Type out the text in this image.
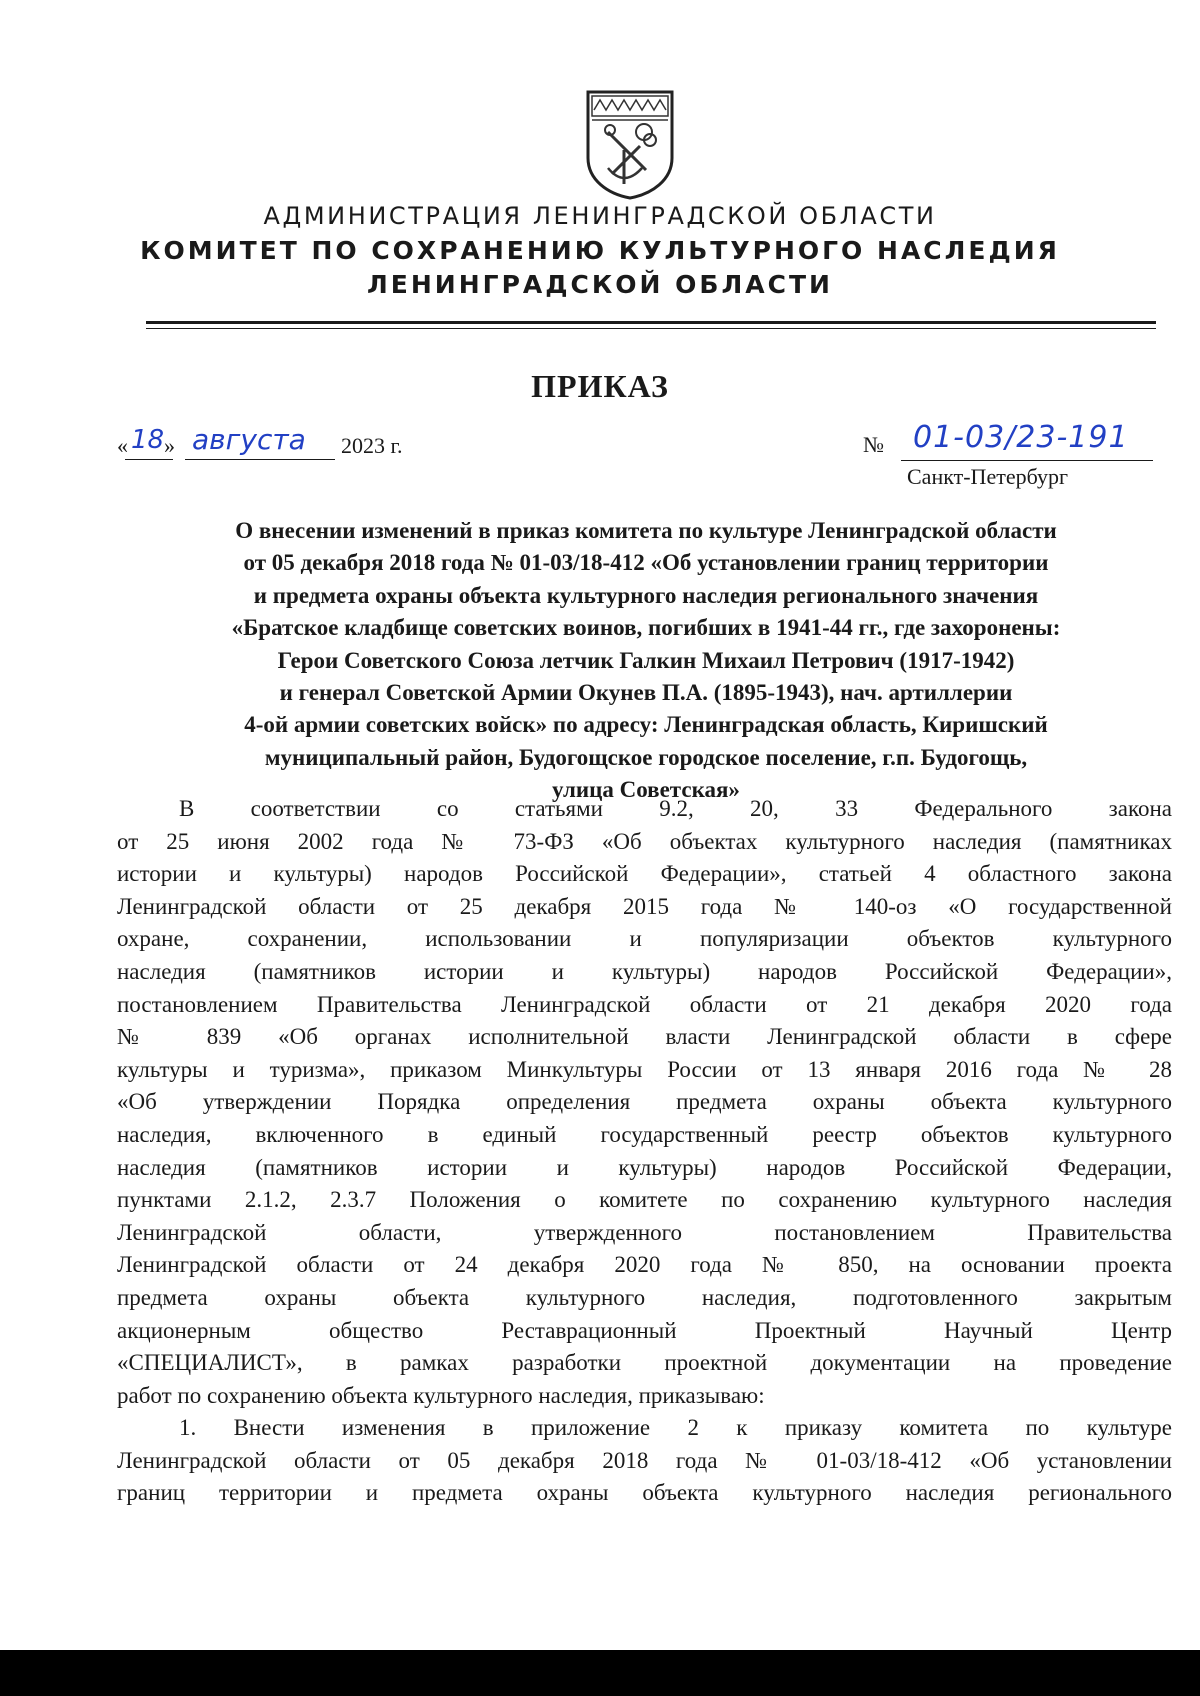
АДМИНИСТРАЦИЯ ЛЕНИНГРАДСКОЙ ОБЛАСТИ
КОМИТЕТ ПО СОХРАНЕНИЮ КУЛЬТУРНОГО НАСЛЕДИЯ
ЛЕНИНГРАДСКОЙ ОБЛАСТИ
ПРИКАЗ
« 18 » августа 2023 г.	№ 01-03/23-191
Санкт-Петербург
О внесении изменений в приказ комитета по культуре Ленинградской области
от 05 декабря 2018 года № 01-03/18-412 «Об установлении границ территории
и предмета охраны объекта культурного наследия регионального значения
«Братское кладбище советских воинов, погибших в 1941-44 гг., где захоронены:
Герои Советского Союза летчик Галкин Михаил Петрович (1917-1942)
и генерал Советской Армии Окунев П.А. (1895-1943), нач. артиллерии
4-ой армии советских войск» по адресу: Ленинградская область, Киришский
муниципальный район, Будогощское городское поселение, г.п. Будогощь,
улица Советская»
В соответствии со статьями 9.2, 20, 33 Федерального закона
от 25 июня 2002 года № 73-ФЗ «Об объектах культурного наследия (памятниках
истории и культуры) народов Российской Федерации», статьей 4 областного закона
Ленинградской области от 25 декабря 2015 года № 140-оз «О государственной
охране, сохранении, использовании и популяризации объектов культурного
наследия (памятников истории и культуры) народов Российской Федерации»,
постановлением Правительства Ленинградской области от 21 декабря 2020 года
№ 839 «Об органах исполнительной власти Ленинградской области в сфере
культуры и туризма», приказом Минкультуры России от 13 января 2016 года № 28
«Об утверждении Порядка определения предмета охраны объекта культурного
наследия, включенного в единый государственный реестр объектов культурного
наследия (памятников истории и культуры) народов Российской Федерации,
пунктами 2.1.2, 2.3.7 Положения о комитете по сохранению культурного наследия
Ленинградской области, утвержденного постановлением Правительства
Ленинградской области от 24 декабря 2020 года № 850, на основании проекта
предмета охраны объекта культурного наследия, подготовленного закрытым
акционерным общество Реставрационный Проектный Научный Центр
«СПЕЦИАЛИСТ», в рамках разработки проектной документации на проведение
работ по сохранению объекта культурного наследия, приказываю:
1. Внести изменения в приложение 2 к приказу комитета по культуре
Ленинградской области от 05 декабря 2018 года № 01-03/18-412 «Об установлении
границ территории и предмета охраны объекта культурного наследия регионального
